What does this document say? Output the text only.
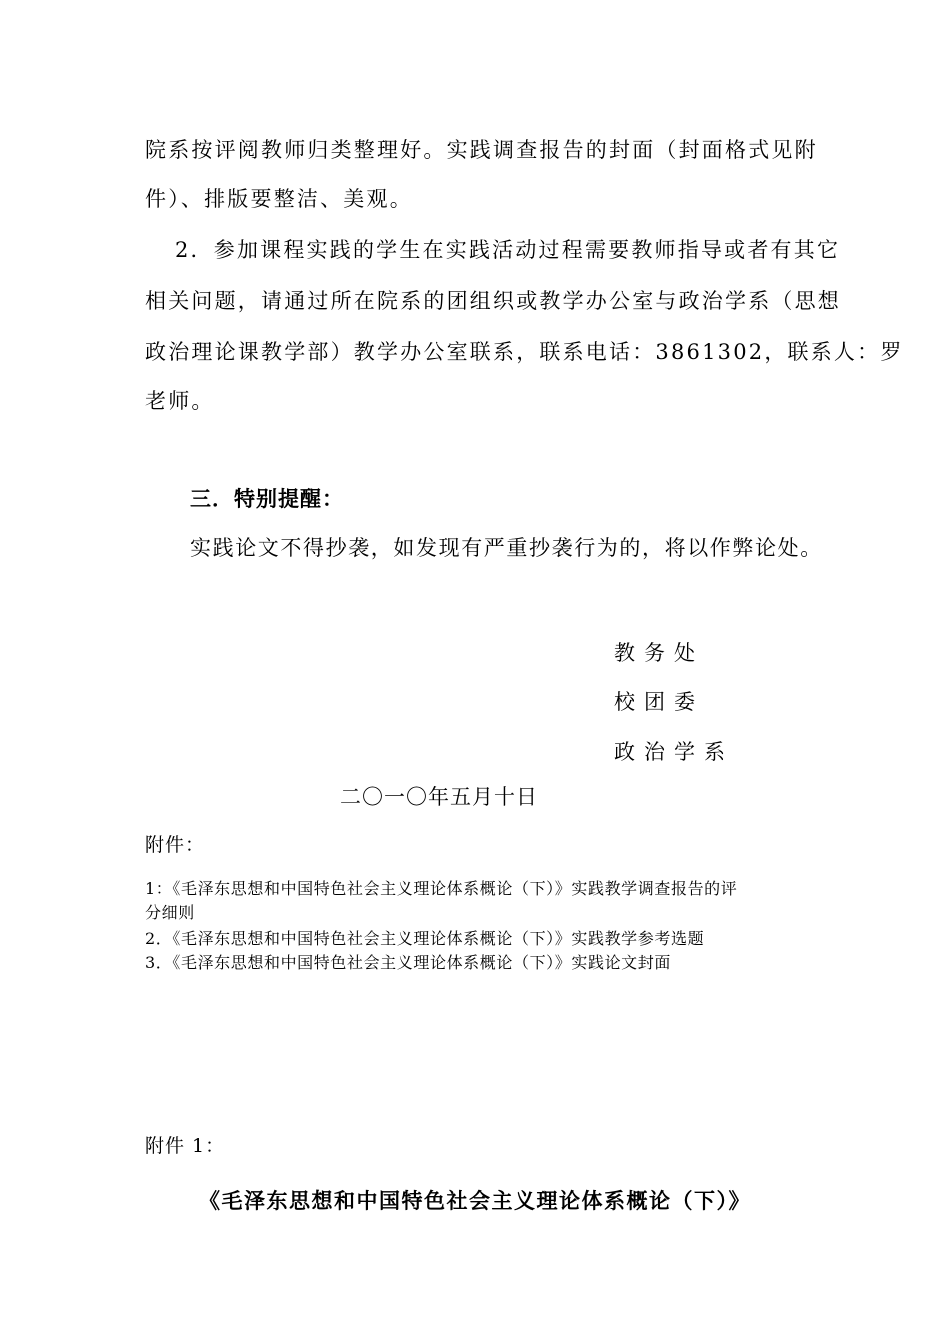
院系按评阅教师归类整理好。实践调查报告的封面（封面格式见附
件）、排版要整洁、美观。
2．参加课程实践的学生在实践活动过程需要教师指导或者有其它
相关问题，请通过所在院系的团组织或教学办公室与政治学系（思想
政治理论课教学部）教学办公室联系，联系电话：3861302，联系人：罗
老师。
三．特别提醒：
实践论文不得抄袭，如发现有严重抄袭行为的，将以作弊论处。
教务处
校团委
政治学系
二〇一〇年五月十日
附件：
1：《毛泽东思想和中国特色社会主义理论体系概论（下）》实践教学调查报告的评
分细则
2．《毛泽东思想和中国特色社会主义理论体系概论（下）》实践教学参考选题
3．《毛泽东思想和中国特色社会主义理论体系概论（下）》实践论文封面
附件 1：
《毛泽东思想和中国特色社会主义理论体系概论（下）》
